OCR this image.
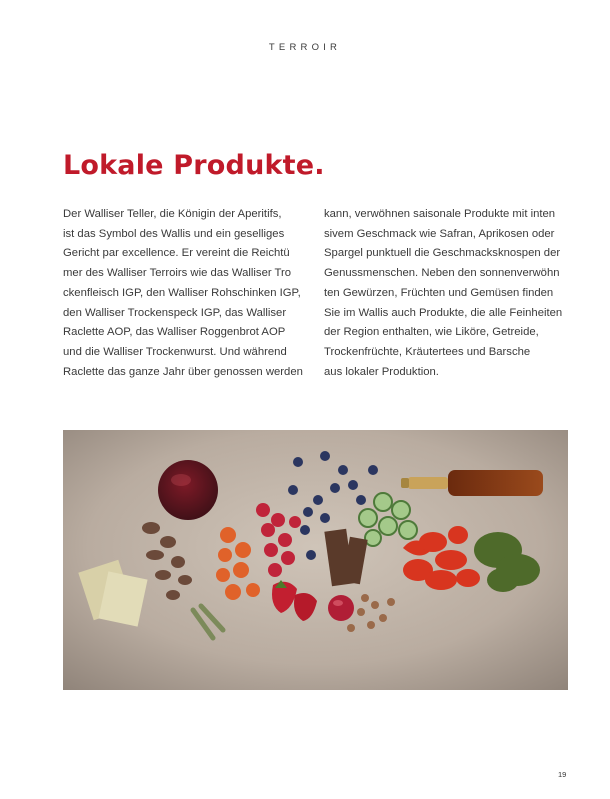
TERROIR
Lokale Produkte.

Der Walliser Teller, die Königin der Aperitifs,
ist das Symbol des Wallis und ein geselliges
Gericht par excellence. Er vereint die Reichtü
mer des Walliser Terroirs wie das Walliser Tro
ckenfleisch IGP, den Walliser Rohschinken IGP,
den Walliser Trockenspeck IGP, das Walliser
Raclette AOP, das Walliser Roggenbrot AOP
und die Walliser Trockenwurst. Und während
Raclette das ganze Jahr über genossen werden

kann, verwöhnen saisonale Produkte mit inten
sivem Geschmack wie Safran, Aprikosen oder
Spargel punktuell die Geschmacksknospen der
Genussmenschen. Neben den sonnenverwöhn
ten Gewürzen, Früchten und Gemüsen finden
Sie im Wallis auch Produkte, die alle Feinheiten
der Region enthalten, wie Liköre, Getreide,
Trockenfrüchte, Kräutertees und Barsche
aus lokaler Produktion.

19
